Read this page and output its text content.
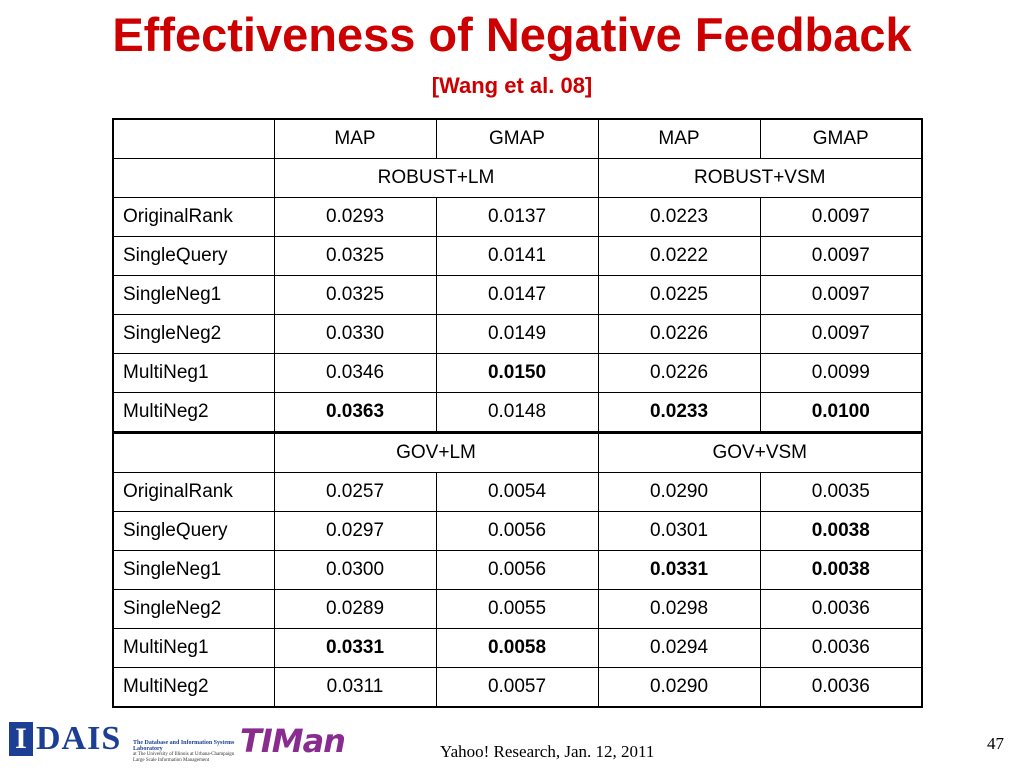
Effectiveness of Negative Feedback
[Wang et al. 08]
	MAP	GMAP	MAP	GMAP
	ROBUST+LM		ROBUST+VSM	
OriginalRank	0.0293	0.0137	0.0223	0.0097
SingleQuery	0.0325	0.0141	0.0222	0.0097
SingleNeg1	0.0325	0.0147	0.0225	0.0097
SingleNeg2	0.0330	0.0149	0.0226	0.0097
MultiNeg1	0.0346	0.0150	0.0226	0.0099
MultiNeg2	0.0363	0.0148	0.0233	0.0100
	GOV+LM		GOV+VSM	
OriginalRank	0.0257	0.0054	0.0290	0.0035
SingleQuery	0.0297	0.0056	0.0301	0.0038
SingleNeg1	0.0300	0.0056	0.0331	0.0038
SingleNeg2	0.0289	0.0055	0.0298	0.0036
MultiNeg1	0.0331	0.0058	0.0294	0.0036
MultiNeg2	0.0311	0.0057	0.0290	0.0036
I DAIS The Database and Information Systems Laboratory
at The University of Illinois at Urbana-Champaign
Large Scale Information Management
TIMan	Yahoo! Research, Jan. 12, 2011	47
